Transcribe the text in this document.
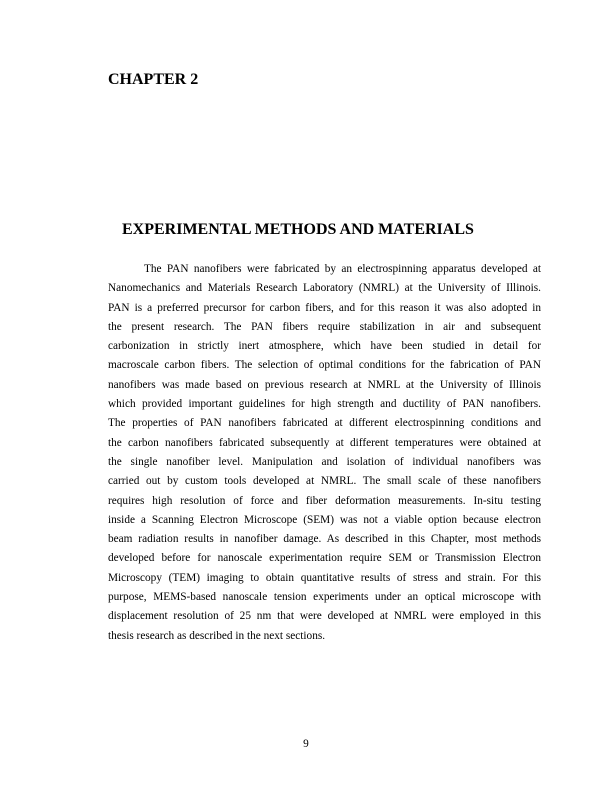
CHAPTER 2
EXPERIMENTAL METHODS AND MATERIALS
The PAN nanofibers were fabricated by an electrospinning apparatus developed at
Nanomechanics and Materials Research Laboratory (NMRL) at the University of Illinois.
PAN is a preferred precursor for carbon fibers, and for this reason it was also adopted in
the present research. The PAN fibers require stabilization in air and subsequent
carbonization in strictly inert atmosphere, which have been studied in detail for
macroscale carbon fibers. The selection of optimal conditions for the fabrication of PAN
nanofibers was made based on previous research at NMRL at the University of Illinois
which provided important guidelines for high strength and ductility of PAN nanofibers.
The properties of PAN nanofibers fabricated at different electrospinning conditions and
the carbon nanofibers fabricated subsequently at different temperatures were obtained at
the single nanofiber level. Manipulation and isolation of individual nanofibers was
carried out by custom tools developed at NMRL. The small scale of these nanofibers
requires high resolution of force and fiber deformation measurements. In-situ testing
inside a Scanning Electron Microscope (SEM) was not a viable option because electron
beam radiation results in nanofiber damage. As described in this Chapter, most methods
developed before for nanoscale experimentation require SEM or Transmission Electron
Microscopy (TEM) imaging to obtain quantitative results of stress and strain. For this
purpose, MEMS-based nanoscale tension experiments under an optical microscope with
displacement resolution of 25 nm that were developed at NMRL were employed in this
thesis research as described in the next sections.
9
